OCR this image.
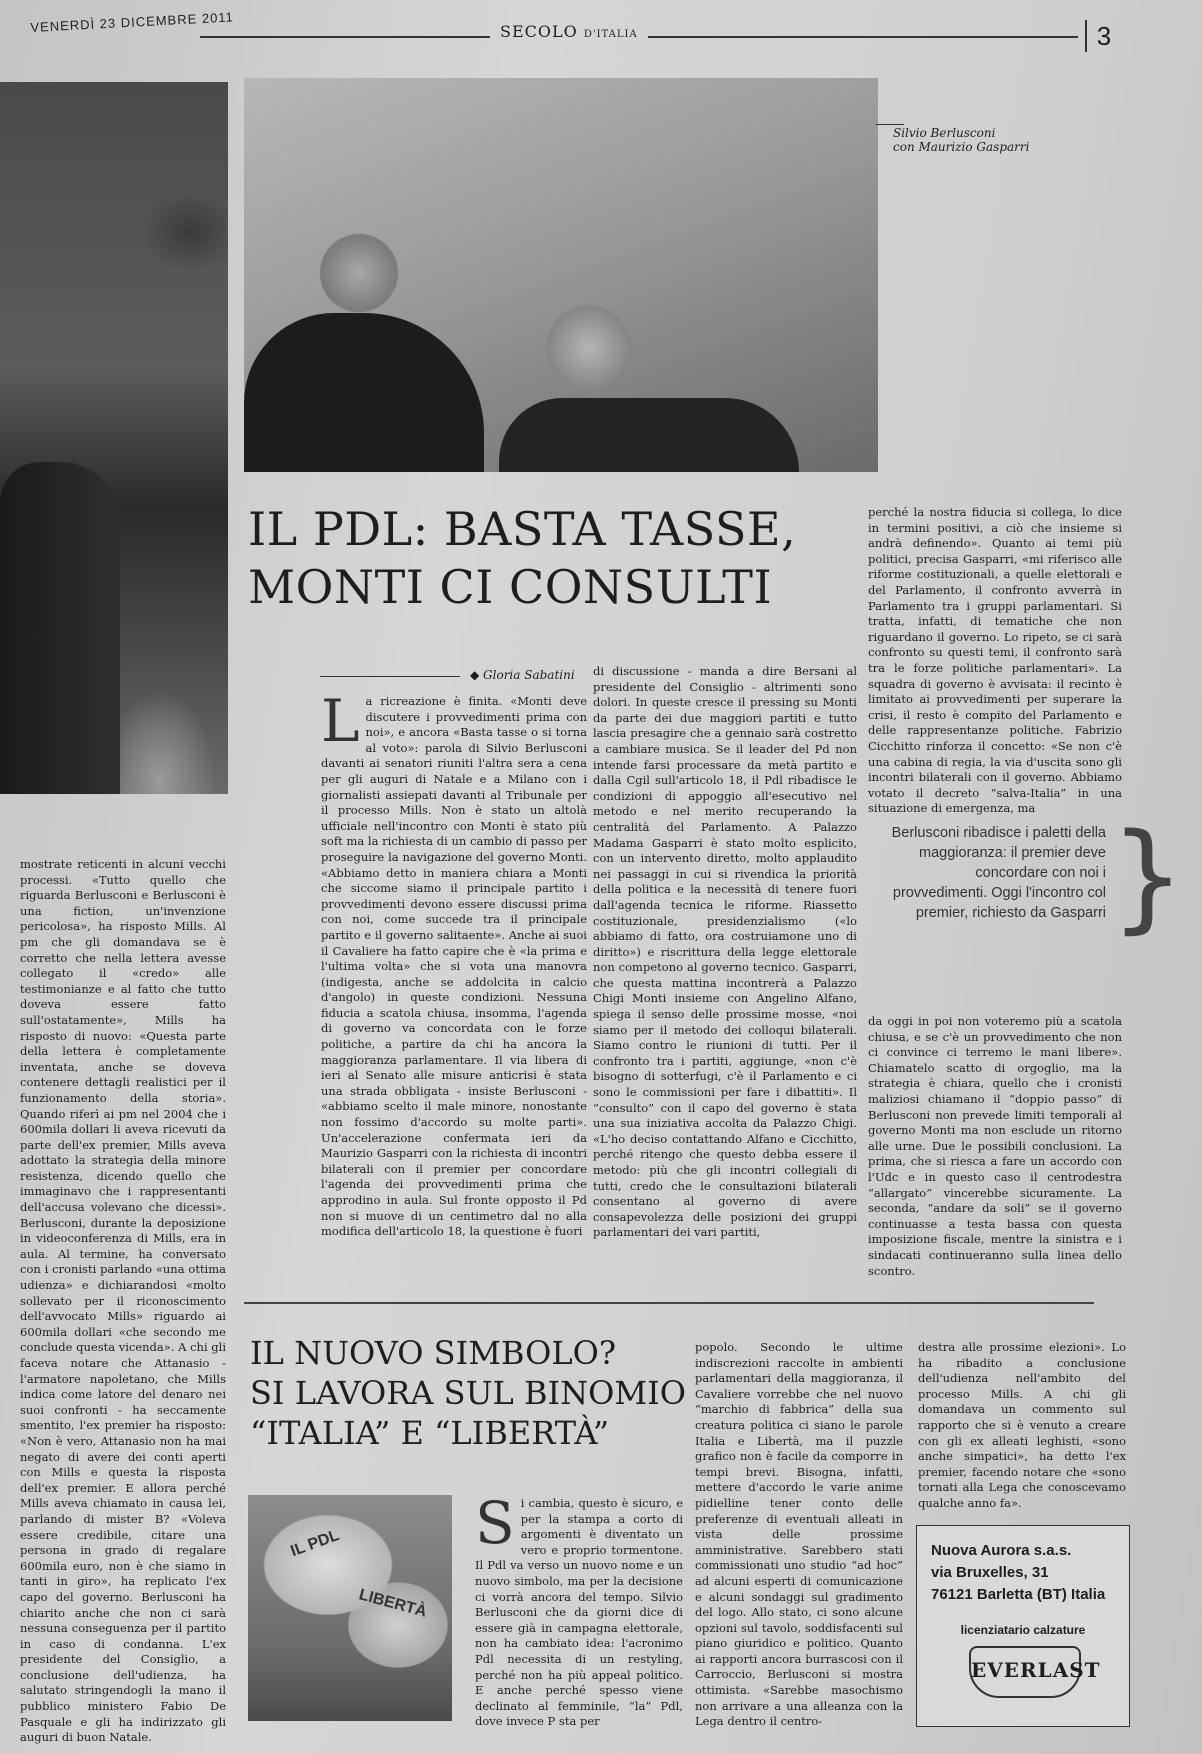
VENERDÌ 23 DICEMBRE 2011	SECOLO D'ITALIA	3
Silvio Berlusconi
con Maurizio Gasparri
IL PDL: BASTA TASSE,
MONTI CI CONSULTI
◆ Gloria Sabatini

mostrate reticenti in alcuni vecchi processi. «Tutto quello che riguarda Berlusconi e Berlusconi è una fiction, un'invenzione pericolosa», ha risposto Mills. Al pm che gli domandava se è corretto che nella lettera avesse collegato il «credo» alle testimonianze e al fatto che tutto doveva essere fatto sull'ostatamente», Mills ha risposto di nuovo: «Questa parte della lettera è completamente inventata, anche se doveva contenere dettagli realistici per il funzionamento della storia». Quando riferì ai pm nel 2004 che i 600mila dollari li aveva ricevuti da parte dell'ex premier, Mills aveva adottato la strategia della minore resistenza, dicendo quello che immaginavo che i rappresentanti dell'accusa volevano che dicessi». Berlusconi, durante la deposizione in videoconferenza di Mills, era in aula. Al termine, ha conversato con i cronisti parlando «una ottima udienza» e dichiarandosi «molto sollevato per il riconoscimento dell'avvocato Mills» riguardo ai 600mila dollari «che secondo me conclude questa vicenda». A chi gli faceva notare che Attanasio - l'armatore napoletano, che Mills indica come latore del denaro nei suoi confronti - ha seccamente smentito, l'ex premier ha risposto: «Non è vero, Attanasio non ha mai negato di avere dei conti aperti con Mills e questa la risposta dell'ex premier. E allora perché Mills aveva chiamato in causa lei, parlando di mister B? «Voleva essere credibile, citare una persona in grado di regalare 600mila euro, non è che siamo in tanti in giro», ha replicato l'ex capo del governo. Berlusconi ha chiarito anche che non ci sarà nessuna conseguenza per il partito in caso di condanna. L'ex presidente del Consiglio, a conclusione dell'udienza, ha salutato stringendogli la mano il pubblico ministero Fabio De Pasquale e gli ha indirizzato gli auguri di buon Natale.

L a ricreazione è finita. «Monti deve discutere i provvedimenti prima con noi», e ancora «Basta tasse o si torna al voto»: parola di Silvio Berlusconi davanti ai senatori riuniti l'altra sera a cena per gli auguri di Natale e a Milano con i giornalisti assiepati davanti al Tribunale per il processo Mills. Non è stato un altolà ufficiale nell'incontro con Monti è stato più soft ma la richiesta di un cambio di passo per proseguire la navigazione del governo Monti. «Abbiamo detto in maniera chiara a Monti che siccome siamo il principale partito i provvedimenti devono essere discussi prima con noi, come succede tra il principale partito e il governo salitaente». Anche ai suoi il Cavaliere ha fatto capire che è «la prima e l'ultima volta» che si vota una manovra (indigesta, anche se addolcita in calcio d'angolo) in queste condizioni. Nessuna fiducia a scatola chiusa, insomma, l'agenda di governo va concordata con le forze politiche, a partire da chi ha ancora la maggioranza parlamentare. Il via libera di ieri al Senato alle misure anticrisi è stata una strada obbligata - insiste Berlusconi - «abbiamo scelto il male minore, nonostante non fossimo d'accordo su molte parti». Un'accelerazione confermata ieri da Maurizio Gasparri con la richiesta di incontri bilaterali con il premier per concordare l'agenda dei provvedimenti prima che approdino in aula. Sul fronte opposto il Pd non si muove di un centimetro dal no alla modifica dell'articolo 18, la questione è fuori

di discussione - manda a dire Bersani al presidente del Consiglio - altrimenti sono dolori. In queste cresce il pressing su Monti da parte dei due maggiori partiti e tutto lascia presagire che a gennaio sarà costretto a cambiare musica. Se il leader del Pd non intende farsi processare da metà partito e dalla Cgil sull'articolo 18, il Pdl ribadisce le condizioni di appoggio all'esecutivo nel metodo e nel merito recuperando la centralità del Parlamento. A Palazzo Madama Gasparri è stato molto esplicito, con un intervento diretto, molto applaudito nei passaggi in cui si rivendica la priorità della politica e la necessità di tenere fuori dall'agenda tecnica le riforme. Riassetto costituzionale, presidenzialismo («lo abbiamo di fatto, ora costruiamone uno di diritto») e riscrittura della legge elettorale non competono al governo tecnico. Gasparri, che questa mattina incontrerà a Palazzo Chigi Monti insieme con Angelino Alfano, spiega il senso delle prossime mosse, «noi siamo per il metodo dei colloqui bilaterali. Siamo contro le riunioni di tutti. Per il confronto tra i partiti, aggiunge, «non c'è bisogno di sotterfugi, c'è il Parlamento e ci sono le commissioni per fare i dibattiti». Il “consulto” con il capo del governo è stata una sua iniziativa accolta da Palazzo Chigi. «L'ho deciso contattando Alfano e Cicchitto, perché ritengo che questo debba essere il metodo: più che gli incontri collegiali di tutti, credo che le consultazioni bilaterali consentano al governo di avere consapevolezza delle posizioni dei gruppi parlamentari dei vari partiti,

perché la nostra fiducia si collega, lo dice in termini positivi, a ciò che insieme si andrà definendo». Quanto ai temi più politici, precisa Gasparri, «mi riferisco alle riforme costituzionali, a quelle elettorali e del Parlamento, il confronto avverrà in Parlamento tra i gruppi parlamentari. Si tratta, infatti, di tematiche che non riguardano il governo. Lo ripeto, se ci sarà confronto su questi temi, il confronto sarà tra le forze politiche parlamentari». La squadra di governo è avvisata: il recinto è limitato ai provvedimenti per superare la crisi, il resto è compito del Parlamento e delle rappresentanze politiche. Fabrizio Cicchitto rinforza il concetto: «Se non c'è una cabina di regia, la via d'uscita sono gli incontri bilaterali con il governo. Abbiamo votato il decreto “salva-Italia” in una situazione di emergenza, ma

Berlusconi ribadisce i paletti della maggioranza: il premier deve concordare con noi i provvedimenti. Oggi l'incontro col premier, richiesto da Gasparri }

da oggi in poi non voteremo più a scatola chiusa, e se c'è un provvedimento che non ci convince ci terremo le mani libere». Chiamatelo scatto di orgoglio, ma la strategia è chiara, quello che i cronisti maliziosi chiamano il “doppio passo” di Berlusconi non prevede limiti temporali al governo Monti ma non esclude un ritorno alle urne. Due le possibili conclusioni. La prima, che si riesca a fare un accordo con l'Udc e in questo caso il centrodestra “allargato” vincerebbe sicuramente. La seconda, “andare da soli” se il governo continuasse a testa bassa con questa imposizione fiscale, mentre la sinistra e i sindacati continueranno sulla linea dello scontro.

IL NUOVO SIMBOLO?
SI LAVORA SUL BINOMIO
“ITALIA” E “LIBERTÀ”
IL PDL
LIBERTÀ
S i cambia, questo è sicuro, e per la stampa a corto di argomenti è diventato un vero e proprio tormentone. Il Pdl va verso un nuovo nome e un nuovo simbolo, ma per la decisione ci vorrà ancora del tempo. Silvio Berlusconi che da giorni dice di essere già in campagna elettorale, non ha cambiato idea: l'acronimo Pdl necessita di un restyling, perché non ha più appeal politico. E anche perché spesso viene declinato al femminile, “la” Pdl, dove invece P sta per

popolo. Secondo le ultime indiscrezioni raccolte in ambienti parlamentari della maggioranza, il Cavaliere vorrebbe che nel nuovo “marchio di fabbrica” della sua creatura politica ci siano le parole Italia e Libertà, ma il puzzle grafico non è facile da comporre in tempi brevi. Bisogna, infatti, mettere d'accordo le varie anime pidielline tener conto delle preferenze di eventuali alleati in vista delle prossime amministrative. Sarebbero stati commissionati uno studio “ad hoc” ad alcuni esperti di comunicazione e alcuni sondaggi sul gradimento del logo. Allo stato, ci sono alcune opzioni sul tavolo, soddisfacenti sul piano giuridico e politico. Quanto ai rapporti ancora burrascosi con il Carroccio, Berlusconi si mostra ottimista. «Sarebbe masochismo non arrivare a una alleanza con la Lega dentro il centro-

destra alle prossime elezioni». Lo ha ribadito a conclusione dell'udienza nell'ambito del processo Mills. A chi gli domandava un commento sul rapporto che si è venuto a creare con gli ex alleati leghisti, «sono anche simpatici», ha detto l'ex premier, facendo notare che «sono tornati alla Lega che conoscevamo qualche anno fa».

Nuova Aurora s.a.s.
via Bruxelles, 31
76121 Barletta (BT) Italia
licenziatario calzature
EVERLAST
